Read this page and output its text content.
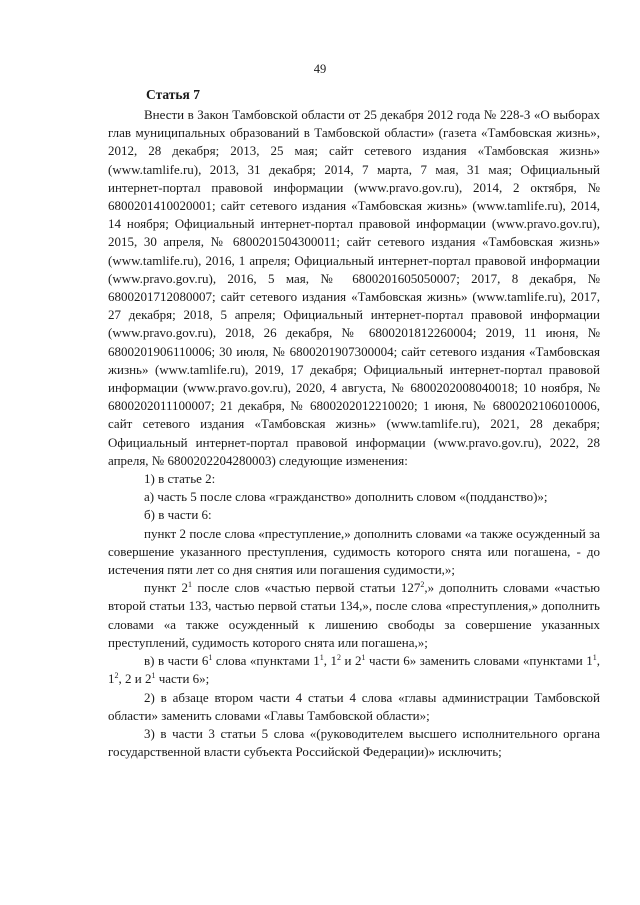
49
Статья 7

Внести в Закон Тамбовской области от 25 декабря 2012 года № 228-З «О выборах глав муниципальных образований в Тамбовской области» (газета «Тамбовская жизнь», 2012, 28 декабря; 2013, 25 мая; сайт сетевого издания «Тамбовская жизнь» (www.tamlife.ru), 2013, 31 декабря; 2014, 7 марта, 7 мая, 31 мая; Официальный интернет-портал правовой информации (www.pravo.gov.ru), 2014, 2 октября, № 6800201410020001; сайт сетевого издания «Тамбовская жизнь» (www.tamlife.ru), 2014, 14 ноября; Официальный интернет-портал правовой информации (www.pravo.gov.ru), 2015, 30 апреля, № 6800201504300011; сайт сетевого издания «Тамбовская жизнь» (www.tamlife.ru), 2016, 1 апреля; Официальный интернет-портал правовой информации (www.pravo.gov.ru), 2016, 5 мая, № 6800201605050007; 2017, 8 декабря, № 6800201712080007; сайт сетевого издания «Тамбовская жизнь» (www.tamlife.ru), 2017, 27 декабря; 2018, 5 апреля; Официальный интернет-портал правовой информации (www.pravo.gov.ru), 2018, 26 декабря, № 6800201812260004; 2019, 11 июня, № 6800201906110006; 30 июля, № 6800201907300004; сайт сетевого издания «Тамбовская жизнь» (www.tamlife.ru), 2019, 17 декабря; Официальный интернет-портал правовой информации (www.pravo.gov.ru), 2020, 4 августа, № 6800202008040018; 10 ноября, № 6800202011100007; 21 декабря, № 6800202012210020; 1 июня, № 6800202106010006, сайт сетевого издания «Тамбовская жизнь» (www.tamlife.ru), 2021, 28 декабря; Официальный интернет-портал правовой информации (www.pravo.gov.ru), 2022, 28 апреля, № 6800202204280003) следующие изменения:

1) в статье 2:

а) часть 5 после слова «гражданство» дополнить словом «(подданство)»;

б) в части 6:

пункт 2 после слова «преступление,» дополнить словами «а также осужденный за совершение указанного преступления, судимость которого снята или погашена, - до истечения пяти лет со дня снятия или погашения судимости,»;

пункт $2^1$ после слов «частью первой статьи $127^2$,» дополнить словами «частью второй статьи 133, частью первой статьи 134,», после слова «преступления,» дополнить словами «а также осужденный к лишению свободы за совершение указанных преступлений, судимость которого снята или погашена,»;

в) в части $6^1$ слова «пунктами $1^1$, $1^2$ и $2^1$ части 6» заменить словами «пунктами $1^1$, $1^2$, 2 и $2^1$ части 6»;

2) в абзаце втором части 4 статьи 4 слова «главы администрации Тамбовской области» заменить словами «Главы Тамбовской области»;

3) в части 3 статьи 5 слова «(руководителем высшего исполнительного органа государственной власти субъекта Российской Федерации)» исключить;
